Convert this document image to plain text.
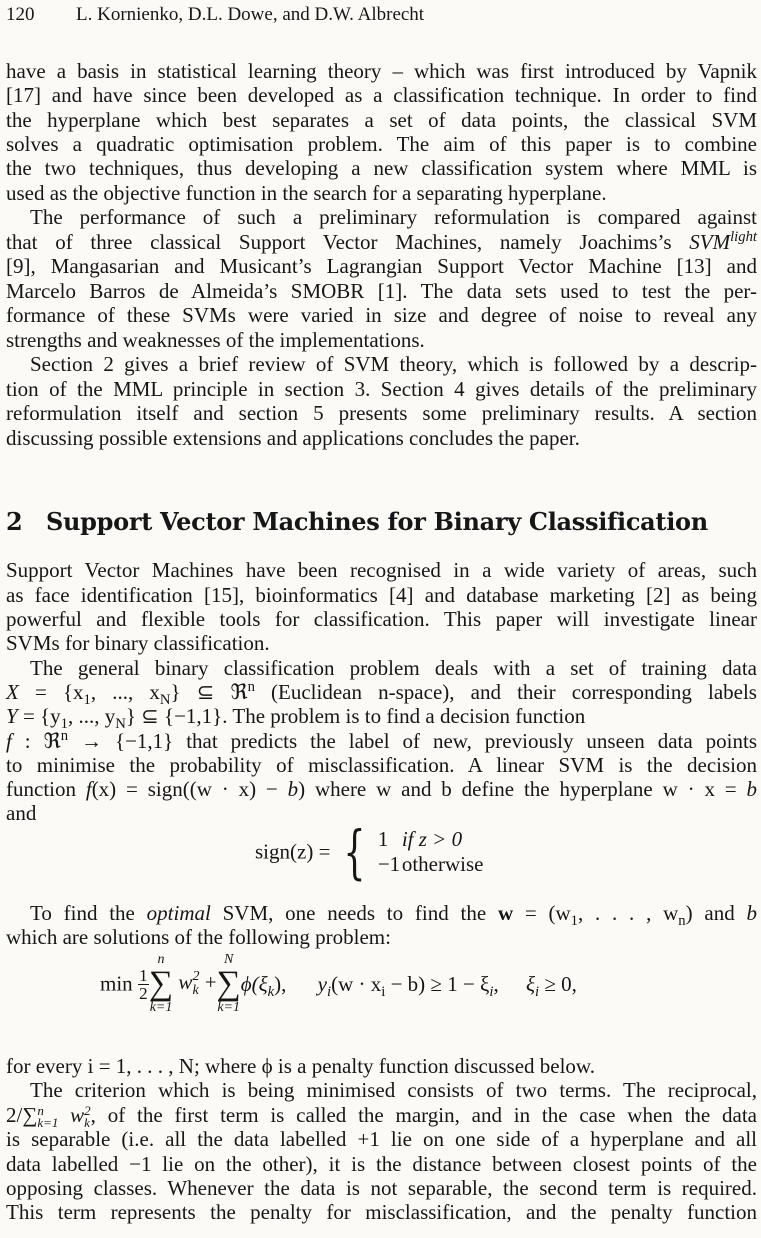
120 L. Kornienko, D.L. Dowe, and D.W. Albrecht
have a basis in statistical learning theory – which was first introduced by Vapnik
[17] and have since been developed as a classification technique. In order to find
the hyperplane which best separates a set of data points, the classical SVM
solves a quadratic optimisation problem. The aim of this paper is to combine
the two techniques, thus developing a new classification system where MML is
used as the objective function in the search for a separating hyperplane.
The performance of such a preliminary reformulation is compared against
that of three classical Support Vector Machines, namely Joachims’s $SVM^{light}$
[9], Mangasarian and Musicant’s Lagrangian Support Vector Machine [13] and
Marcelo Barros de Almeida’s SMOBR [1]. The data sets used to test the per-
formance of these SVMs were varied in size and degree of noise to reveal any
strengths and weaknesses of the implementations.
Section 2 gives a brief review of SVM theory, which is followed by a descrip-
tion of the MML principle in section 3. Section 4 gives details of the preliminary
reformulation itself and section 5 presents some preliminary results. A section
discussing possible extensions and applications concludes the paper.
2 Support Vector Machines for Binary Classification
Support Vector Machines have been recognised in a wide variety of areas, such
as face identification [15], bioinformatics [4] and database marketing [2] as being
powerful and flexible tools for classification. This paper will investigate linear
SVMs for binary classification.
The general binary classification problem deals with a set of training data
$X = \{x_1$, ..., $x_N$} ⊆ ℜ$^n$ (Euclidean n-space), and their corresponding labels
$Y = \{y_1$, ..., $y_N$} ⊆ {−1,1}. The problem is to find a decision function
f : ℜ$^n$ → {−1,1} that predicts the label of new, previously unseen data points
to minimise the probability of misclassification. A linear SVM is the decision
function f(x) = sign((w · x) − b) where w and b define the hyperplane w · x = b
and
sign(z) = { 1 if z > 0
−1otherwise
To find the optimal SVM, one needs to find the $w = (w_1$, . . . , $w_n$) and b
which are solutions of the following problem:
$\min \frac{1}{2}$
n
∑
k=1
w 2
k +
N
∑
k=1
$\phi(\xi_k)$, $y_i(w \cdot x_i - b) \ge 1 - \xi_i$, $\xi_i \ge 0$,
for every i = 1, . . . , N; where ϕ is a penalty function discussed below.
The criterion which is being minimised consists of two terms. The reciprocal,
2/∑ n
k=1 w 2
k , of the first term is called the margin, and in the case when the data
is separable (i.e. all the data labelled +1 lie on one side of a hyperplane and all
data labelled −1 lie on the other), it is the distance between closest points of the
opposing classes. Whenever the data is not separable, the second term is required.
This term represents the penalty for misclassification, and the penalty function
